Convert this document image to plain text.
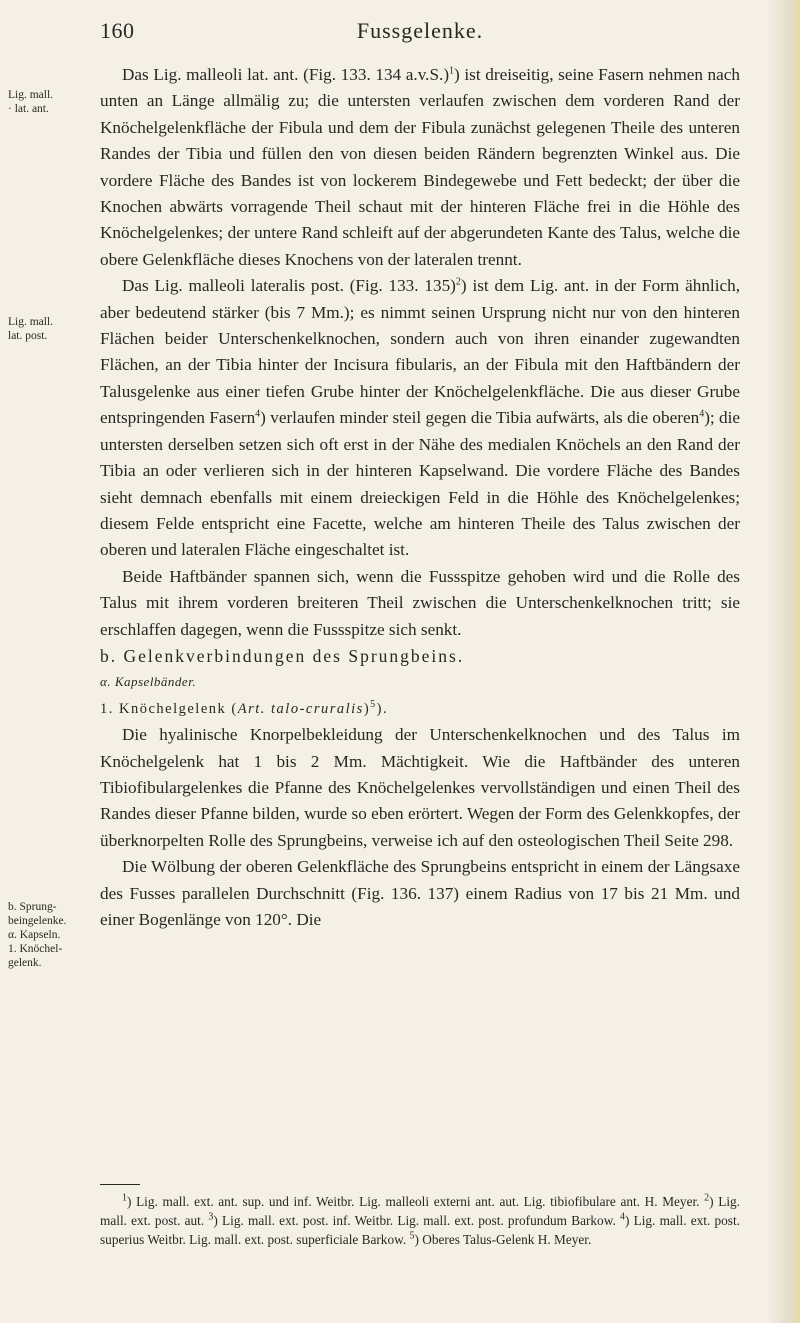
160	Fussgelenke.
Lig. mall.
· lat. ant.
Lig. mall.
lat. post.
b. Sprung-
beingelenke.
α. Kapseln.
1. Knöchel-
gelenk.

Das Lig. malleoli lat. ant. (Fig. 133. 134 a.v.S.)$^1$) ist dreiseitig, seine Fasern nehmen nach unten an Länge allmälig zu; die untersten verlaufen zwischen dem vorderen Rand der Knöchelgelenkfläche der Fibula und dem der Fibula zunächst gelegenen Theile des unteren Randes der Tibia und füllen den von diesen beiden Rändern begrenzten Winkel aus. Die vordere Fläche des Bandes ist von lockerem Bindegewebe und Fett bedeckt; der über die Knochen abwärts vorragende Theil schaut mit der hinteren Fläche frei in die Höhle des Knöchelgelenkes; der untere Rand schleift auf der abgerundeten Kante des Talus, welche die obere Gelenkfläche dieses Knochens von der lateralen trennt.

Das Lig. malleoli lateralis post. (Fig. 133. 135)$^2$) ist dem Lig. ant. in der Form ähnlich, aber bedeutend stärker (bis 7 Mm.); es nimmt seinen Ursprung nicht nur von den hinteren Flächen beider Unterschenkelknochen, sondern auch von ihren einander zugewandten Flächen, an der Tibia hinter der Incisura fibularis, an der Fibula mit den Haftbändern der Talusgelenke aus einer tiefen Grube hinter der Knöchelgelenkfläche. Die aus dieser Grube entspringenden Fasern$^4$) verlaufen minder steil gegen die Tibia aufwärts, als die oberen$^4$); die untersten derselben setzen sich oft erst in der Nähe des medialen Knöchels an den Rand der Tibia an oder verlieren sich in der hinteren Kapselwand. Die vordere Fläche des Bandes sieht demnach ebenfalls mit einem dreieckigen Feld in die Höhle des Knöchelgelenkes; diesem Felde entspricht eine Facette, welche am hinteren Theile des Talus zwischen der oberen und lateralen Fläche eingeschaltet ist.

Beide Haftbänder spannen sich, wenn die Fussspitze gehoben wird und die Rolle des Talus mit ihrem vorderen breiteren Theil zwischen die Unterschenkelknochen tritt; sie erschlaffen dagegen, wenn die Fussspitze sich senkt.

b. Gelenkverbindungen des Sprungbeins.

α. Kapselbänder.

1. Knöchelgelenk (Art. talo-cruralis)$^5$).

Die hyalinische Knorpelbekleidung der Unterschenkelknochen und des Talus im Knöchelgelenk hat 1 bis 2 Mm. Mächtigkeit. Wie die Haftbänder des unteren Tibiofibulargelenkes die Pfanne des Knöchelgelenkes vervollständigen und einen Theil des Randes dieser Pfanne bilden, wurde so eben erörtert. Wegen der Form des Gelenkkopfes, der überknorpelten Rolle des Sprungbeins, verweise ich auf den osteologischen Theil Seite 298.

Die Wölbung der oberen Gelenkfläche des Sprungbeins entspricht in einem der Längsaxe des Fusses parallelen Durchschnitt (Fig. 136. 137) einem Radius von 17 bis 21 Mm. und einer Bogenlänge von 120°. Die

$^1$) Lig. mall. ext. ant. sup. und inf. Weitbr. Lig. malleoli externi ant. aut. Lig. tibiofibulare ant. H. Meyer. $^2$) Lig. mall. ext. post. aut. $^3$) Lig. mall. ext. post. inf. Weitbr. Lig. mall. ext. post. profundum Barkow. $^4$) Lig. mall. ext. post. superius Weitbr. Lig. mall. ext. post. superficiale Barkow. $^5$) Oberes Talus-Gelenk H. Meyer.
